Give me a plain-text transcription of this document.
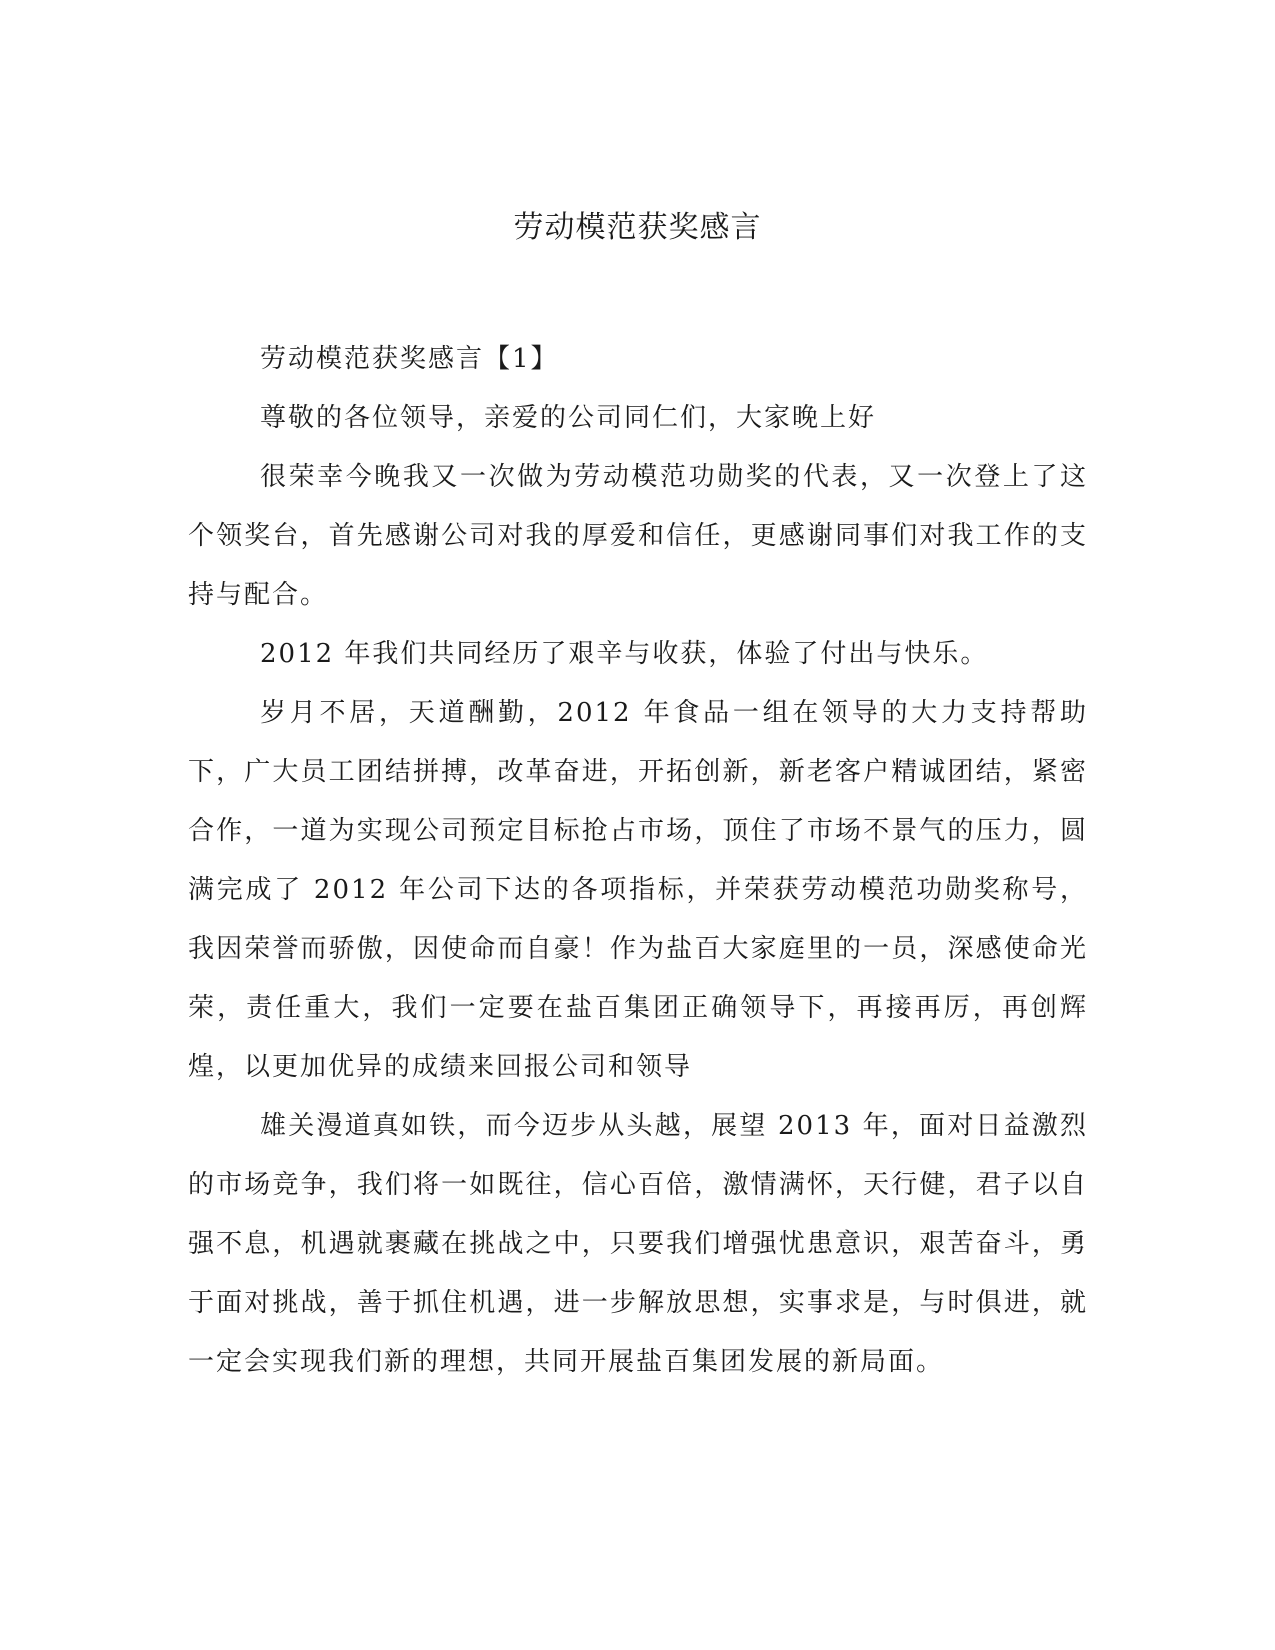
劳动模范获奖感言

劳动模范获奖感言【1】

尊敬的各位领导，亲爱的公司同仁们，大家晚上好

很荣幸今晚我又一次做为劳动模范功勋奖的代表，又一次登上了这个领奖台，首先感谢公司对我的厚爱和信任，更感谢同事们对我工作的支持与配合。

2012 年我们共同经历了艰辛与收获，体验了付出与快乐。

岁月不居，天道酬勤，2012 年食品一组在领导的大力支持帮助下，广大员工团结拼搏，改革奋进，开拓创新，新老客户精诚团结，紧密合作，一道为实现公司预定目标抢占市场，顶住了市场不景气的压力，圆满完成了 2012 年公司下达的各项指标，并荣获劳动模范功勋奖称号，我因荣誉而骄傲，因使命而自豪！作为盐百大家庭里的一员，深感使命光荣，责任重大，我们一定要在盐百集团正确领导下，再接再厉，再创辉煌，以更加优异的成绩来回报公司和领导

雄关漫道真如铁，而今迈步从头越，展望 2013 年，面对日益激烈的市场竞争，我们将一如既往，信心百倍，激情满怀，天行健，君子以自强不息，机遇就裹藏在挑战之中，只要我们增强忧患意识，艰苦奋斗，勇于面对挑战，善于抓住机遇，进一步解放思想，实事求是，与时俱进，就一定会实现我们新的理想，共同开展盐百集团发展的新局面。
